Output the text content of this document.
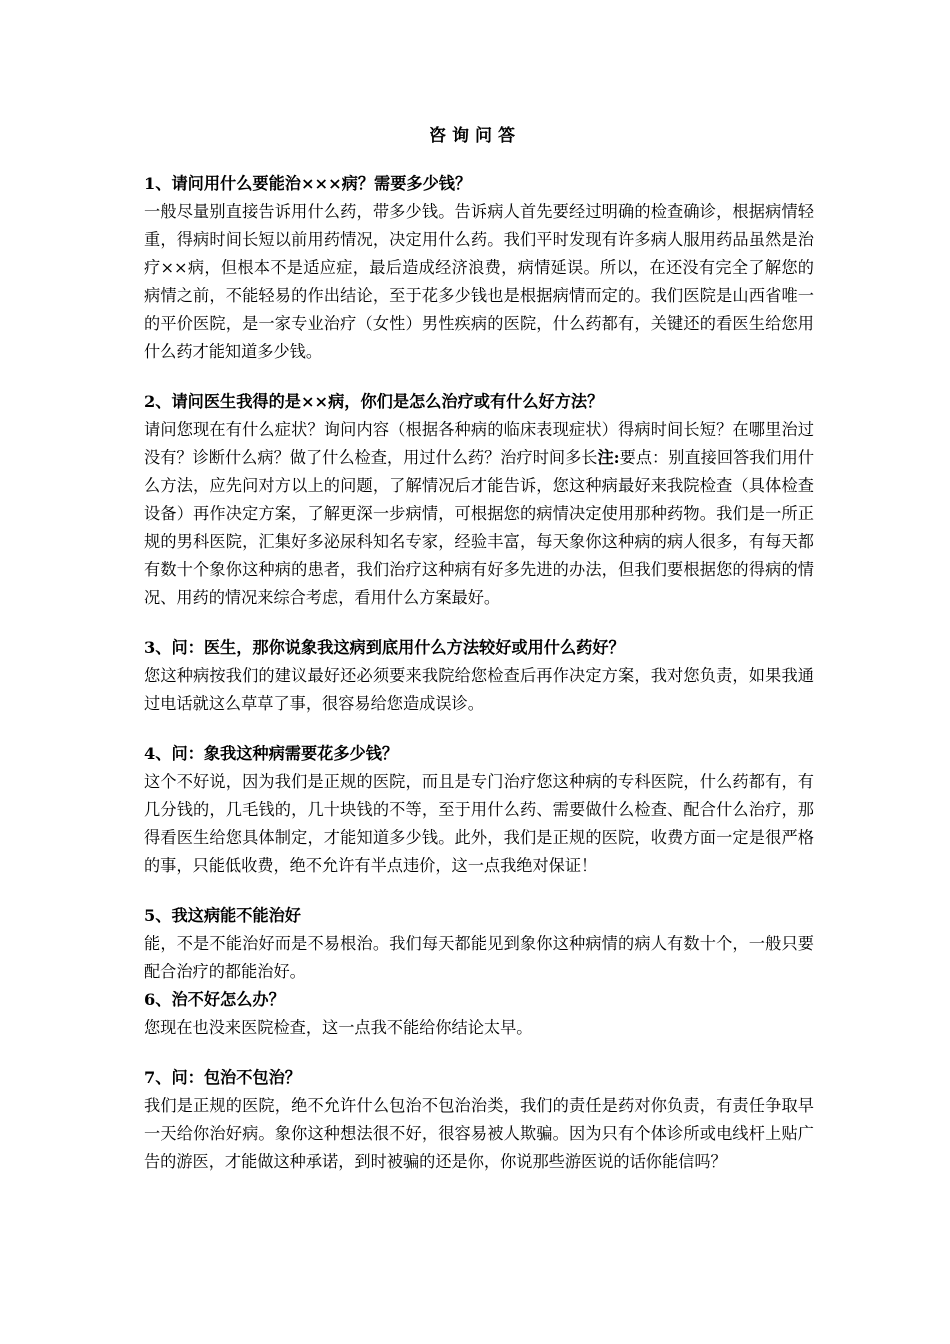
咨询问答

1、请问用什么要能治×××病？需要多少钱？

一般尽量别直接告诉用什么药，带多少钱。告诉病人首先要经过明确的检查确诊，根据病情轻重，得病时间长短以前用药情况，决定用什么药。我们平时发现有许多病人服用药品虽然是治疗××病，但根本不是适应症，最后造成经济浪费，病情延误。所以，在还没有完全了解您的病情之前，不能轻易的作出结论，至于花多少钱也是根据病情而定的。我们医院是山西省唯一的平价医院，是一家专业治疗（女性）男性疾病的医院，什么药都有，关键还的看医生给您用什么药才能知道多少钱。

2、请问医生我得的是××病，你们是怎么治疗或有什么好方法？

请问您现在有什么症状？询问内容（根据各种病的临床表现症状）得病时间长短？在哪里治过没有？诊断什么病？做了什么检查，用过什么药？治疗时间多长注:要点：别直接回答我们用什么方法，应先问对方以上的问题，了解情况后才能告诉，您这种病最好来我院检查（具体检查设备）再作决定方案，了解更深一步病情，可根据您的病情决定使用那种药物。我们是一所正规的男科医院，汇集好多泌尿科知名专家，经验丰富，每天象你这种病的病人很多，有每天都有数十个象你这种病的患者，我们治疗这种病有好多先进的办法，但我们要根据您的得病的情况、用药的情况来综合考虑，看用什么方案最好。

3、问：医生，那你说象我这病到底用什么方法较好或用什么药好？

您这种病按我们的建议最好还必须要来我院给您检查后再作决定方案，我对您负责，如果我通过电话就这么草草了事，很容易给您造成误诊。

4、问：象我这种病需要花多少钱？

这个不好说，因为我们是正规的医院，而且是专门治疗您这种病的专科医院，什么药都有，有几分钱的，几毛钱的，几十块钱的不等，至于用什么药、需要做什么检查、配合什么治疗，那得看医生给您具体制定，才能知道多少钱。此外，我们是正规的医院，收费方面一定是很严格的事，只能低收费，绝不允许有半点违价，这一点我绝对保证！

5、我这病能不能治好

能，不是不能治好而是不易根治。我们每天都能见到象你这种病情的病人有数十个，一般只要配合治疗的都能治好。

6、治不好怎么办？

您现在也没来医院检查，这一点我不能给你结论太早。

7、问：包治不包治？

我们是正规的医院，绝不允许什么包治不包治治类，我们的责任是药对你负责，有责任争取早一天给你治好病。象你这种想法很不好，很容易被人欺骗。因为只有个体诊所或电线杆上贴广告的游医，才能做这种承诺，到时被骗的还是你，你说那些游医说的话你能信吗？
